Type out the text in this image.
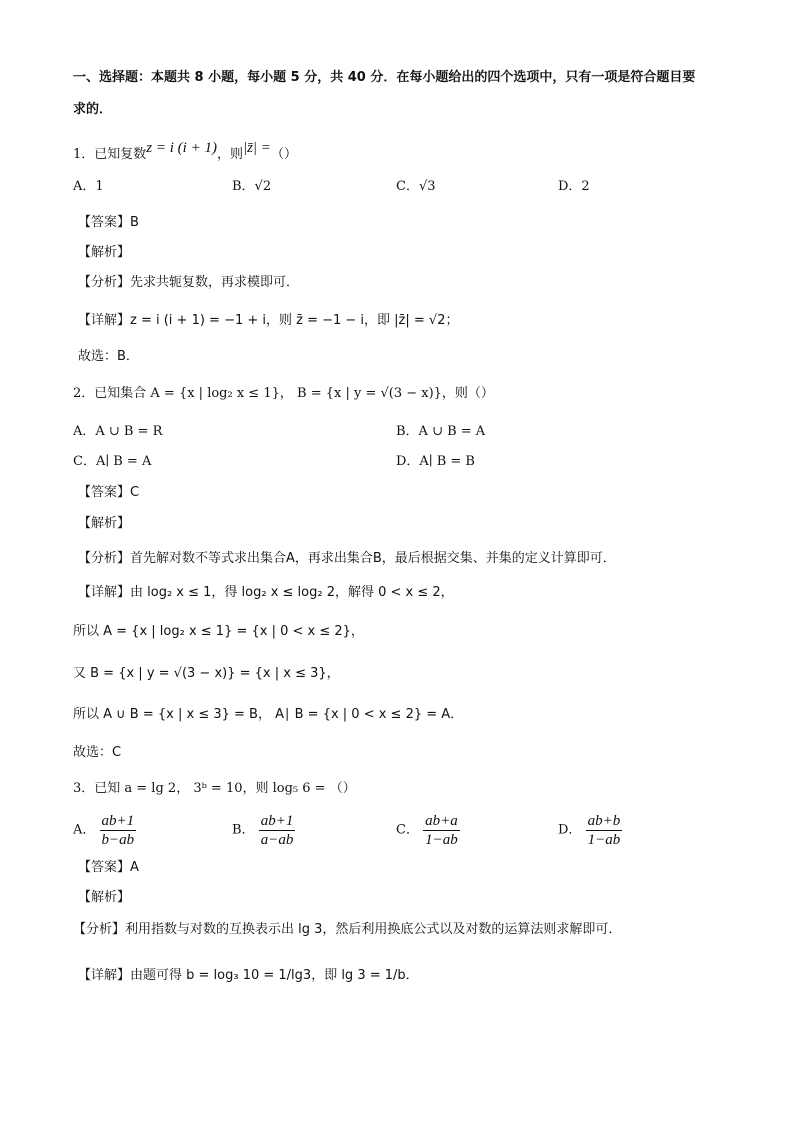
一、选择题：本题共 8 小题，每小题 5 分，共 40 分．在每小题给出的四个选项中，只有一项是符合题目要
求的．
1．已知复数z = i (i + 1)，则|z̄| =（）
A．1	B．√2	C．√3	D．2
【答案】B
【解析】
【分析】先求共轭复数，再求模即可．
【详解】z = i (i + 1) = −1 + i，则 z̄ = −1 − i，即 |z̄| = √2；
故选：B．
2．已知集合 A = {x | log₂ x ≤ 1}， B = {x | y = √(3 − x)}，则（）
A．A ∪ B = R	B．A ∪ B = A
C．A∣ B = A	D．A∣ B = B
【答案】C
【解析】
【分析】首先解对数不等式求出集合A，再求出集合B，最后根据交集、并集的定义计算即可．
【详解】由 log₂ x ≤ 1，得 log₂ x ≤ log₂ 2，解得 0 < x ≤ 2，
所以 A = {x | log₂ x ≤ 1} = {x | 0 < x ≤ 2}，
又 B = {x | y = √(3 − x)} = {x | x ≤ 3}，
所以 A ∪ B = {x | x ≤ 3} = B， A∣ B = {x | 0 < x ≤ 2} = A．
故选：C
3．已知 a = lg 2， 3ᵇ = 10，则 log₅ 6 = （）
A． $\frac{ab+1}{b-ab}$	B． $\frac{ab+1}{a-ab}$	C． $\frac{ab+a}{1-ab}$	D． $\frac{ab+b}{1-ab}$
【答案】A
【解析】
【分析】利用指数与对数的互换表示出 lg 3，然后利用换底公式以及对数的运算法则求解即可．
【详解】由题可得 b = log₃ 10 = 1/lg3，即 lg 3 = 1/b．
